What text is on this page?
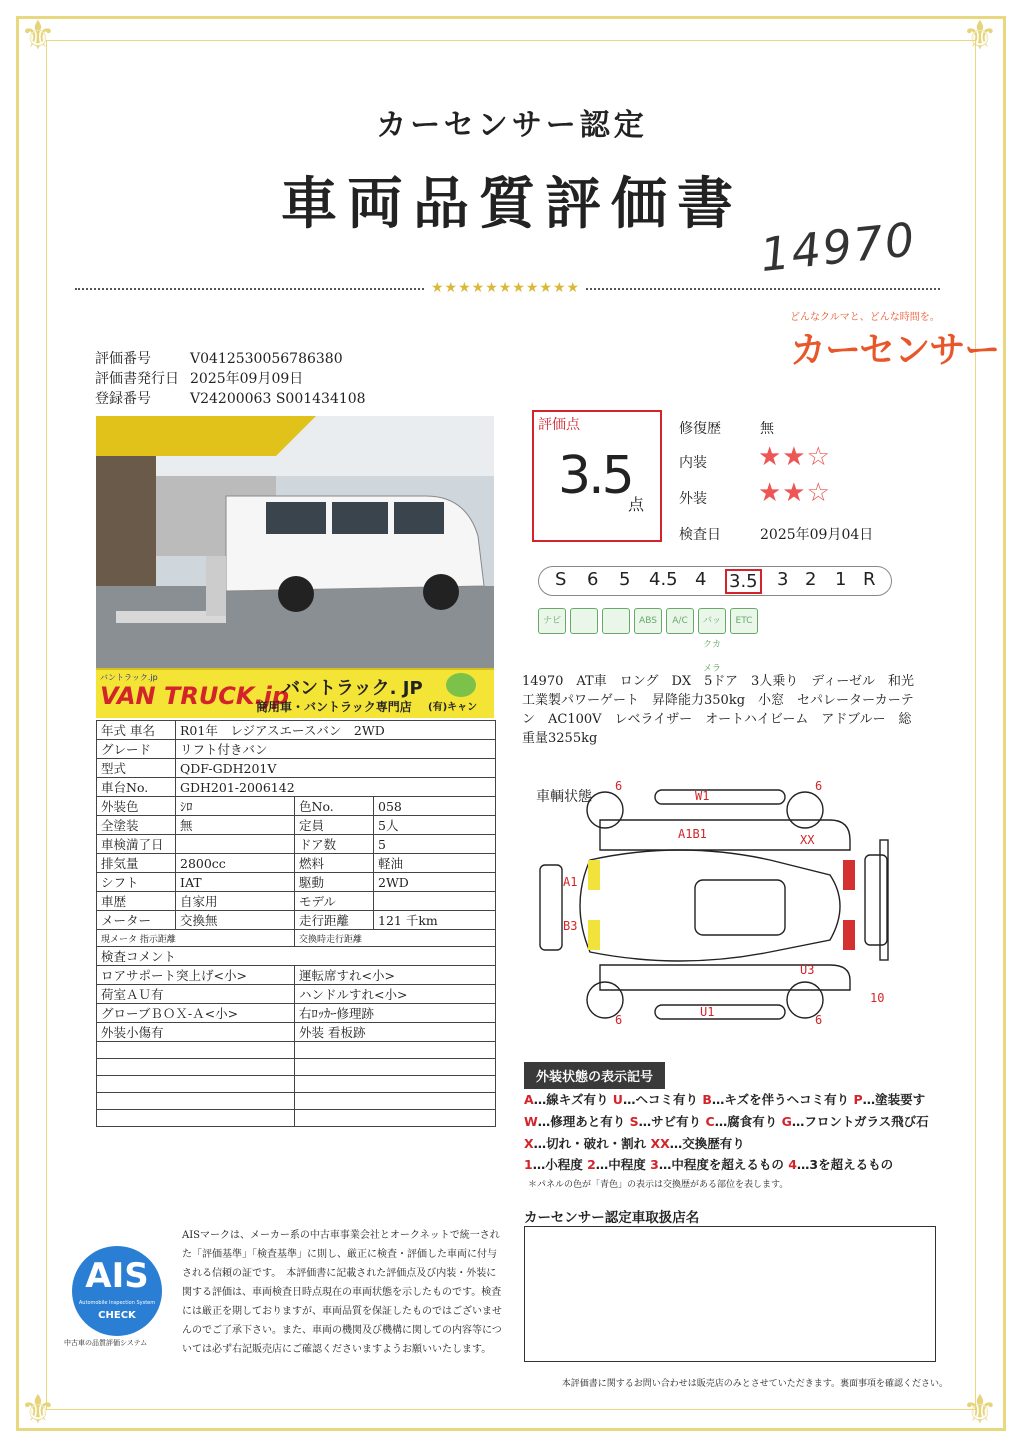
⚜	⚜
⚜	⚜
カーセンサー認定
車両品質評価書
14970
★★★★★★★★★★★
どんなクルマと、どんな時間を。
カーセンサー
評価番号	V0412530056786380
評価書発行日 2025年09月09日
登録番号	V24200063 S001434108
バントラック.jp
VAN TRUCK.jp
バントラック. JP
商用車・バントラック専門店 (有)キャン
年式 車名	R01年　 レジアスエースバン　2WD		
グレード	リフト付きバン		
型式	QDF-GDH201V		
車台No.	GDH201-2006142		
外装色	ｼﾛ	色No.	058
全塗装	無	定員	5人
車検満了日		ドア数	5
排気量	2800cc	燃料	軽油
シフト	IAT	駆動	2WD
車歴	自家用	モデル	
メーター	交換無	走行距離	121 千km
現メータ 指示距離		交換時走行距離	
検査コメント			
ロアサポート突上げ<小>		運転席すれ<小>	
荷室ＡＵ有		ハンドルすれ<小>	
グローブＢＯＸ-Ａ<小>		右ﾛｯｶｰ修理跡	
外装小傷有		外装 看板跡	

評価点
3.5
点
修復歴	無
内装 ★★☆
外装 ★★☆
検査日	2025年09月04日
S 6 5 4.5 4 3.5 3 2 1 R
ナビ	ABS	A/C	バックカメラ
ETC
14970　AT車　ロング　DX　5ドア　3人乗り　ディーゼル　和光工業製パワーゲート　昇降能力350kg　小窓　セパレーターカーテン　AC100V　レベライザー　オートハイビーム　アドブルー　総重量3255kg
車輌状態
6
W1
6
A1B1	XX
A1
B3
U3
10
6
U1
6
外装状態の表示記号
A…線キズ有り U…ヘコミ有り B…キズを伴うヘコミ有り P…塗装要す
W…修理あと有り S…サビ有り C…腐食有り G…フロントガラス飛び石
X…切れ・破れ・割れ XX…交換歴有り
1…小程度 2…中程度 3…中程度を超えるもの 4…3を超えるもの
＊パネルの色が「青色」の表示は交換歴がある部位を表します。
カーセンサー認定車取扱店名
AIS
Automobile Inspection System
CHECK
中古車の品質評価システム
AISマークは、メーカー系の中古車事業会社とオークネットで統一された「評価基準」「検査基準」に則し、厳正に検査・評価した車両に付与される信頼の証です。　本評価書に記載された評価点及び内装・外装に関する評価は、車両検査日時点現在の車両状態を示したものです。検査には厳正を期しておりますが、車両品質を保証したものではございませんのでご了承下さい。また、車両の機関及び機構に関しての内容等については必ず右記販売店にご確認くださいますようお願いいたします。
本評価書に関するお問い合わせは販売店のみとさせていただきます。裏面事項を確認ください。
